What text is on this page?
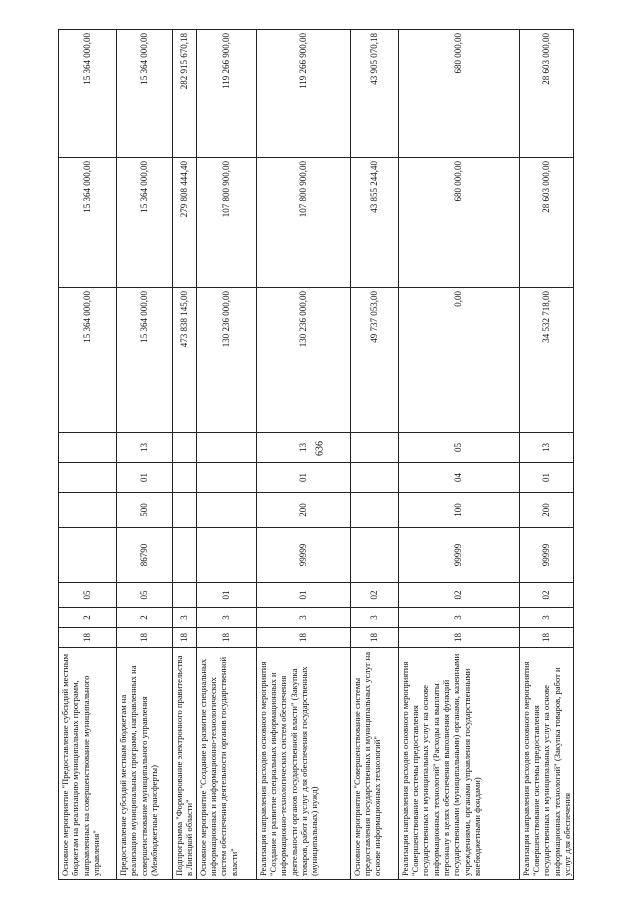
636
Основное мероприятие "Предоставление субсидий местным бюджетам на реализацию муниципальных программ, направленных на совершенствование муниципального управления"	18	2	05					15 364 000,00	15 364 000,00	15 364 000,00
Предоставление субсидий местным бюджетам на реализацию муниципальных программ, направленных на совершенствование муниципального управления (Межбюджетные трансферты)	18	2	05	86790	500	01	13	15 364 000,00	15 364 000,00	15 364 000,00
Подпрограмма "Формирование электронного правительства в Липецкой области"	18	3						473 838 145,00	279 808 444,40	282 915 670,18
Основное мероприятие "Создание и развитие специальных информационных и информационно-технологических систем обеспечения деятельности органов государственной власти"	18	3	01					130 236 000,00	107 800 900,00	119 266 900,00
Реализация направления расходов основного мероприятия "Создание и развитие специальных информационных и информационно-технологических систем обеспечения деятельности органов государственной власти" (Закупка товаров, работ и услуг для обеспечения государственных (муниципальных) нужд)	18	3	01	99999	200	01	13	130 236 000,00	107 800 900,00	119 266 900,00
Основное мероприятие "Совершенствование системы предоставления государственных и муниципальных услуг на основе информационных технологий"	18	3	02					49 737 053,00	43 855 244,40	43 905 070,18
Реализация направления расходов основного мероприятия "Совершенствование системы предоставления государственных и муниципальных услуг на основе информационных технологий" (Расходы на выплаты персоналу в целях обеспечения выполнения функций государственными (муниципальными) органами, казенными учреждениями, органами управления государственными внебюджетными фондами)	18	3	02	99999	100	04	05	0,00	680 000,00	680 000,00
Реализация направления расходов основного мероприятия "Совершенствование системы предоставления государственных и муниципальных услуг на основе информационных технологий" (Закупка товаров, работ и услуг для обеспечения	18	3	02	99999	200	01	13	34 532 718,00	28 603 000,00	28 603 000,00
